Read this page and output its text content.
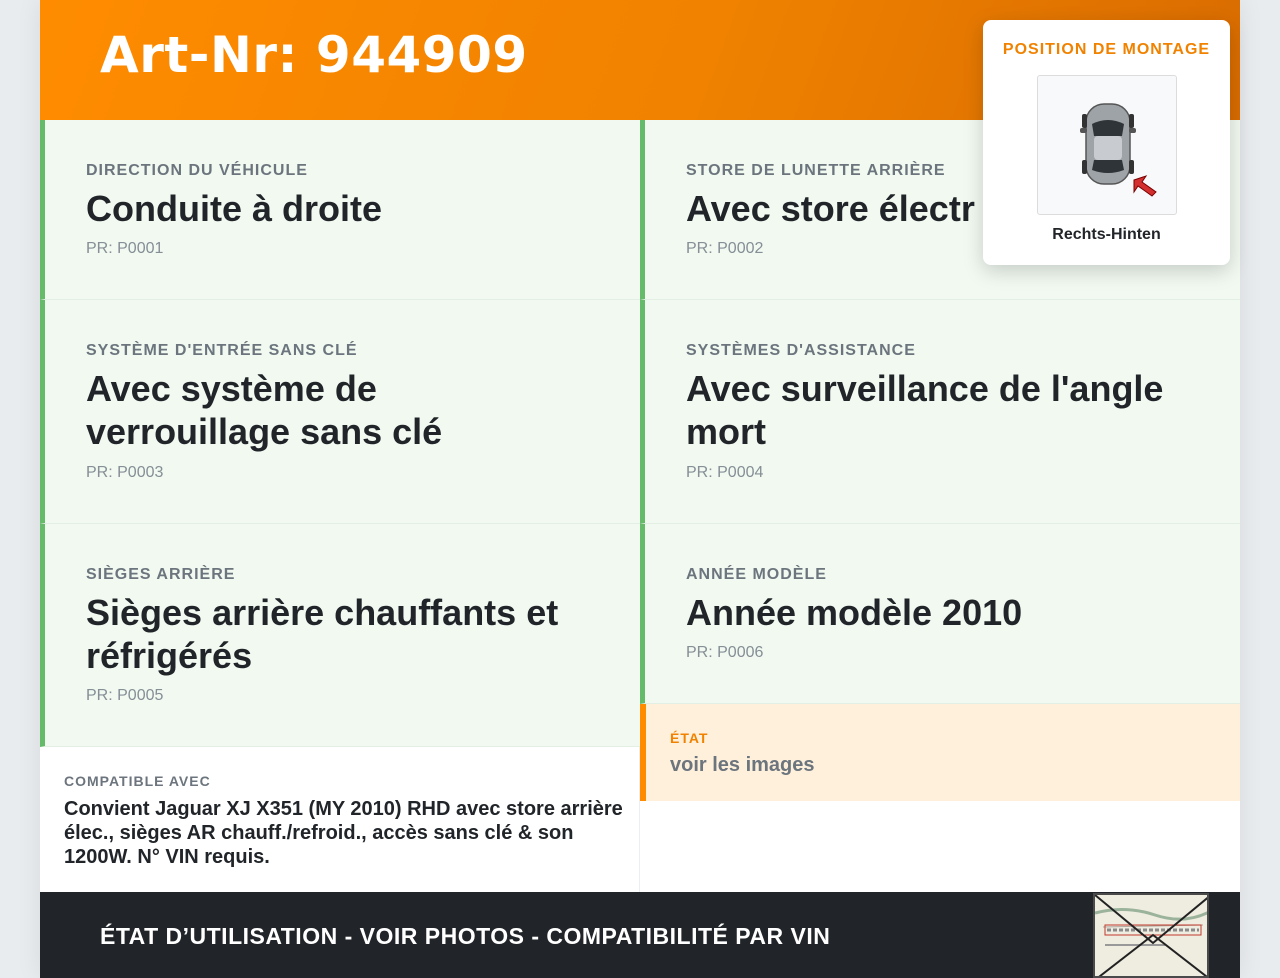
Art-Nr: 944909
DIRECTION DU VÉHICULE
Conduite à droite
PR: P0001
STORE DE LUNETTE ARRIÈRE
Avec store électr
PR: P0002
SYSTÈME D'ENTRÉE SANS CLÉ
Avec système de verrouillage sans clé
PR: P0003
SYSTÈMES D'ASSISTANCE
Avec surveillance de l'angle mort
PR: P0004
SIÈGES ARRIÈRE
Sièges arrière chauffants et réfrigérés
PR: P0005
ANNÉE MODÈLE
Année modèle 2010
PR: P0006
ÉTAT
voir les images
COMPATIBLE AVEC
Convient Jaguar XJ X351 (MY 2010) RHD avec store arrière élec., sièges AR chauff./refroid., accès sans clé & son 1200W. N° VIN requis.
ÉTAT D’UTILISATION - VOIR PHOTOS - COMPATIBILITÉ PAR VIN
POSITION DE MONTAGE
Rechts-Hinten
